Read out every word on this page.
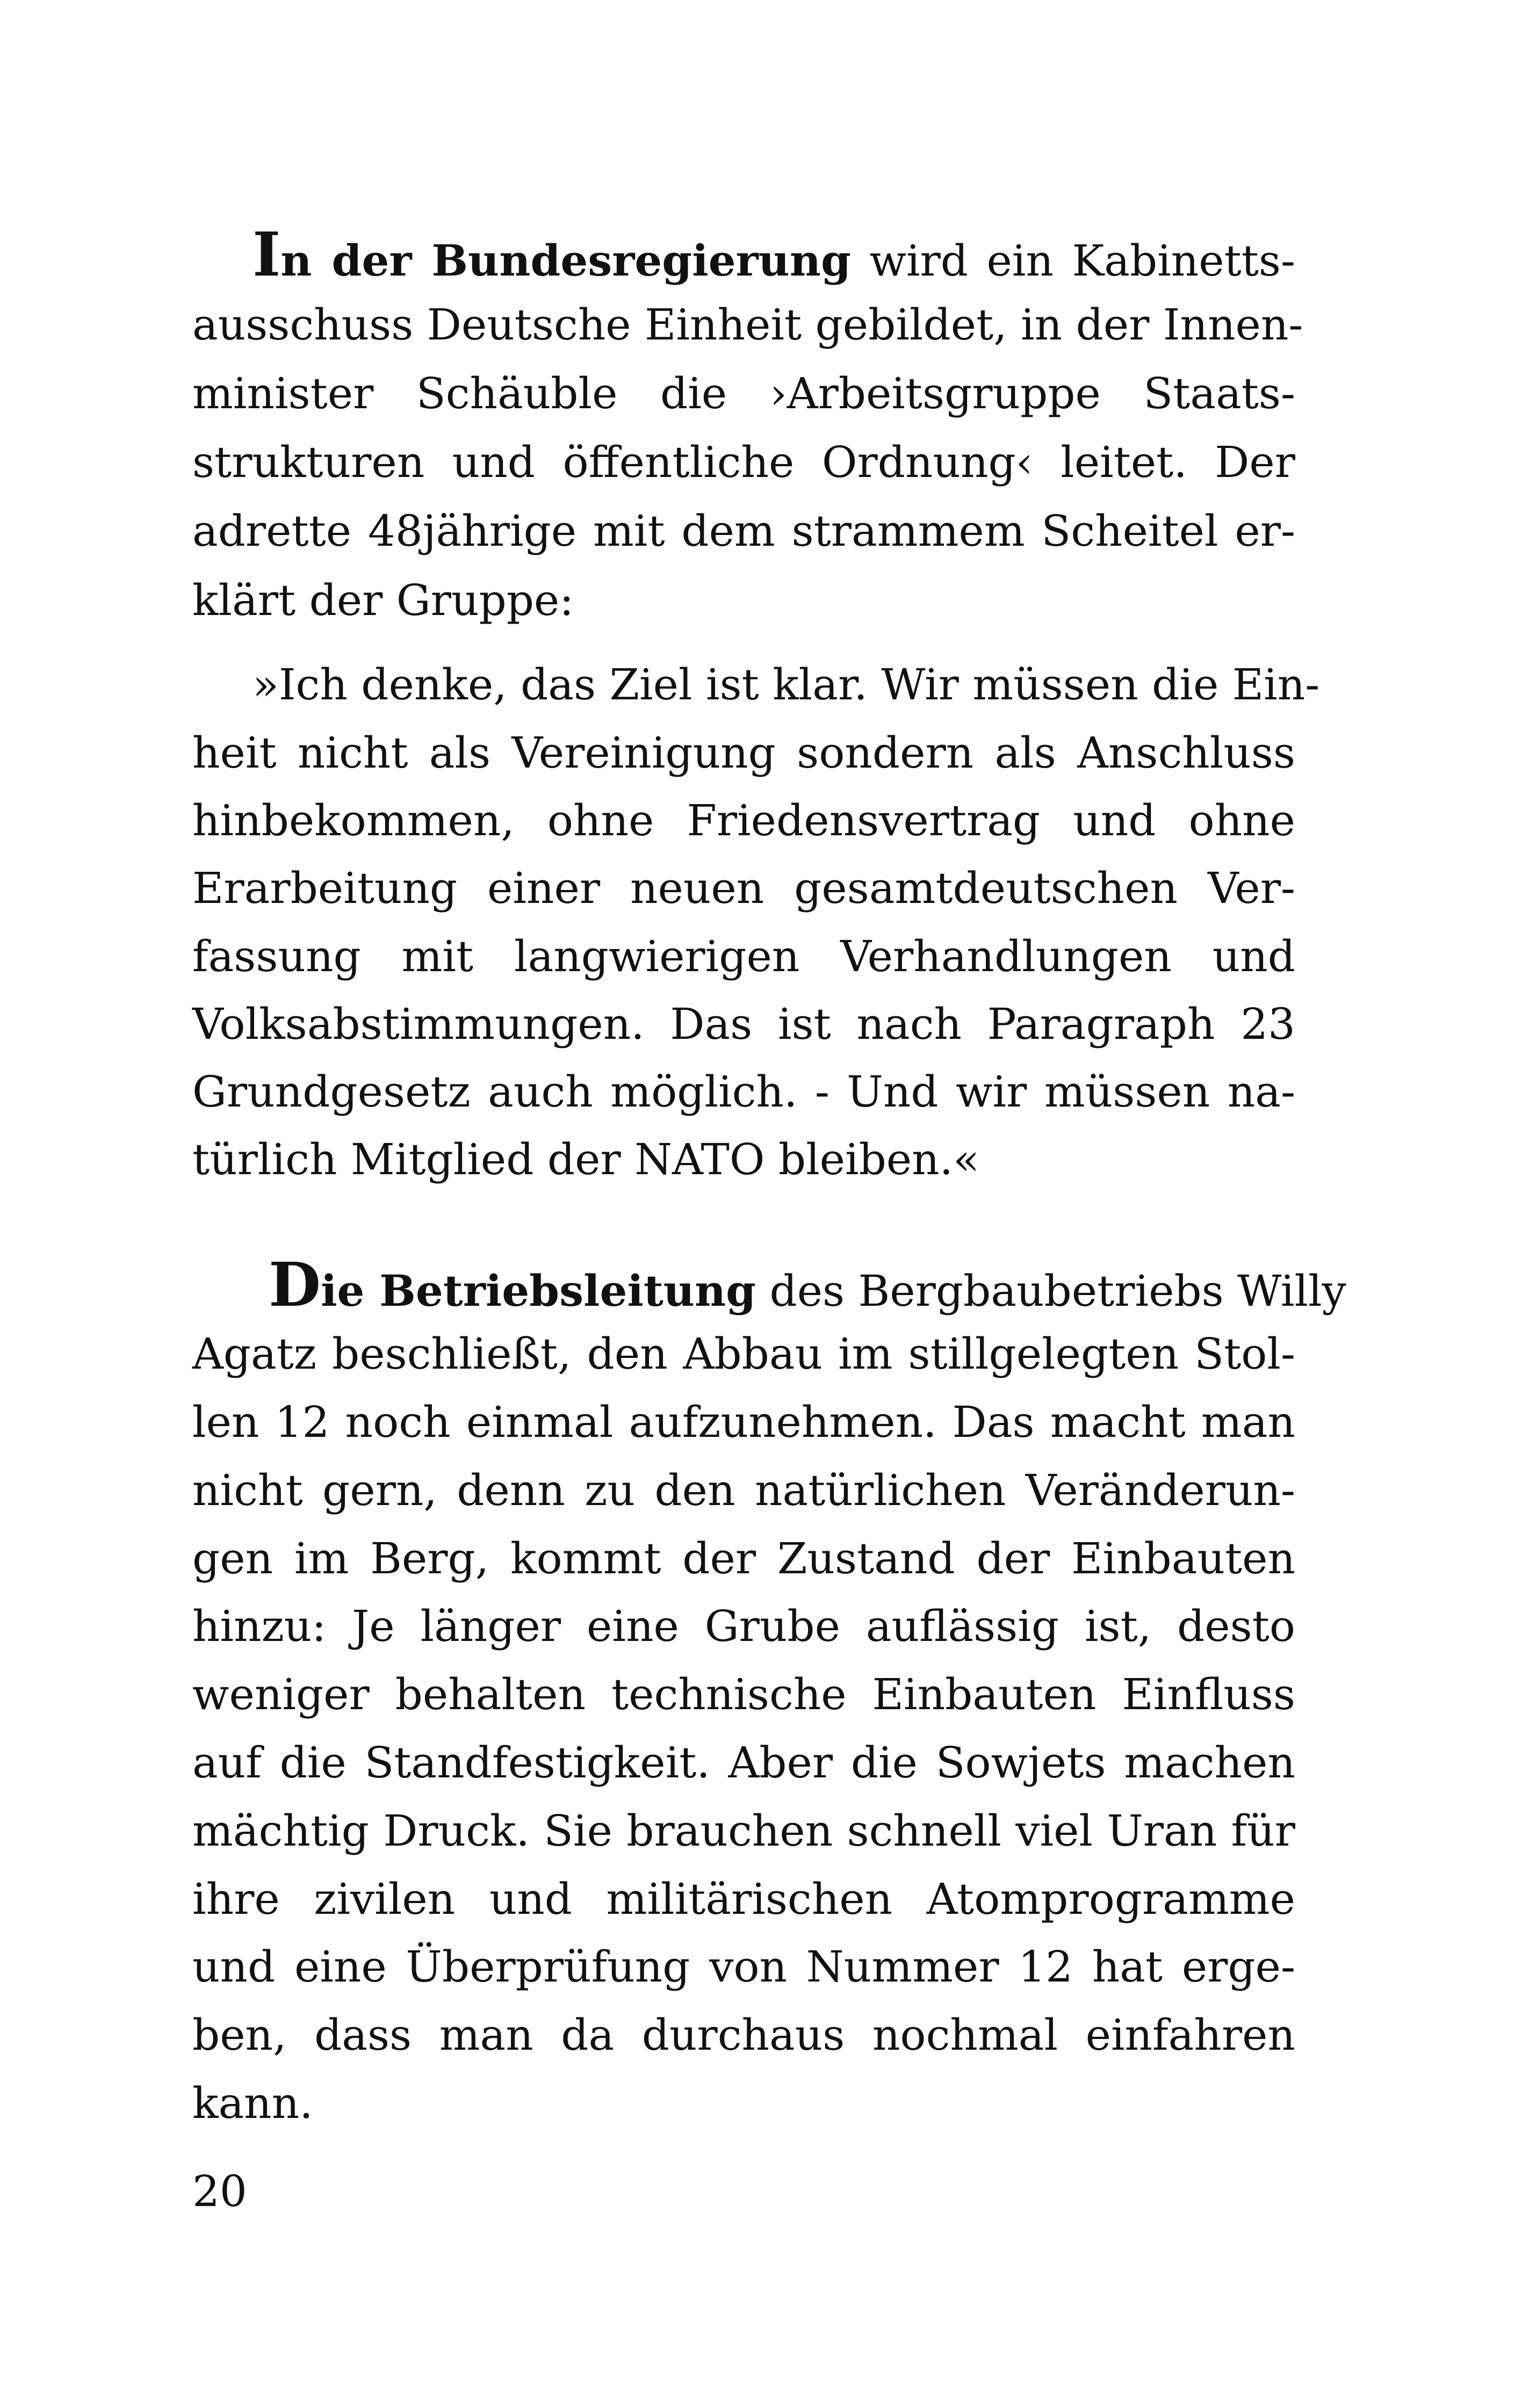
In der Bundesregierung wird ein Kabinetts-
ausschuss Deutsche Einheit gebildet, in der Innen-
minister Schäuble die ›Arbeitsgruppe Staats-
strukturen und öffentliche Ordnung‹ leitet. Der
adrette 48jährige mit dem strammem Scheitel er-
klärt der Gruppe:
»Ich denke, das Ziel ist klar. Wir müssen die Ein-
heit nicht als Vereinigung sondern als Anschluss
hinbekommen, ohne Friedensvertrag und ohne
Erarbeitung einer neuen gesamtdeutschen Ver-
fassung mit langwierigen Verhandlungen und
Volksabstimmungen. Das ist nach Paragraph 23
Grundgesetz auch möglich. - Und wir müssen na-
türlich Mitglied der NATO bleiben.«
Die Betriebsleitung des Bergbaubetriebs Willy
Agatz beschließt, den Abbau im stillgelegten Stol-
len 12 noch einmal aufzunehmen. Das macht man
nicht gern, denn zu den natürlichen Veränderun-
gen im Berg, kommt der Zustand der Einbauten
hinzu: Je länger eine Grube auflässig ist, desto
weniger behalten technische Einbauten Einfluss
auf die Standfestigkeit. Aber die Sowjets machen
mächtig Druck. Sie brauchen schnell viel Uran für
ihre zivilen und militärischen Atomprogramme
und eine Überprüfung von Nummer 12 hat erge-
ben, dass man da durchaus nochmal einfahren
kann.
20
